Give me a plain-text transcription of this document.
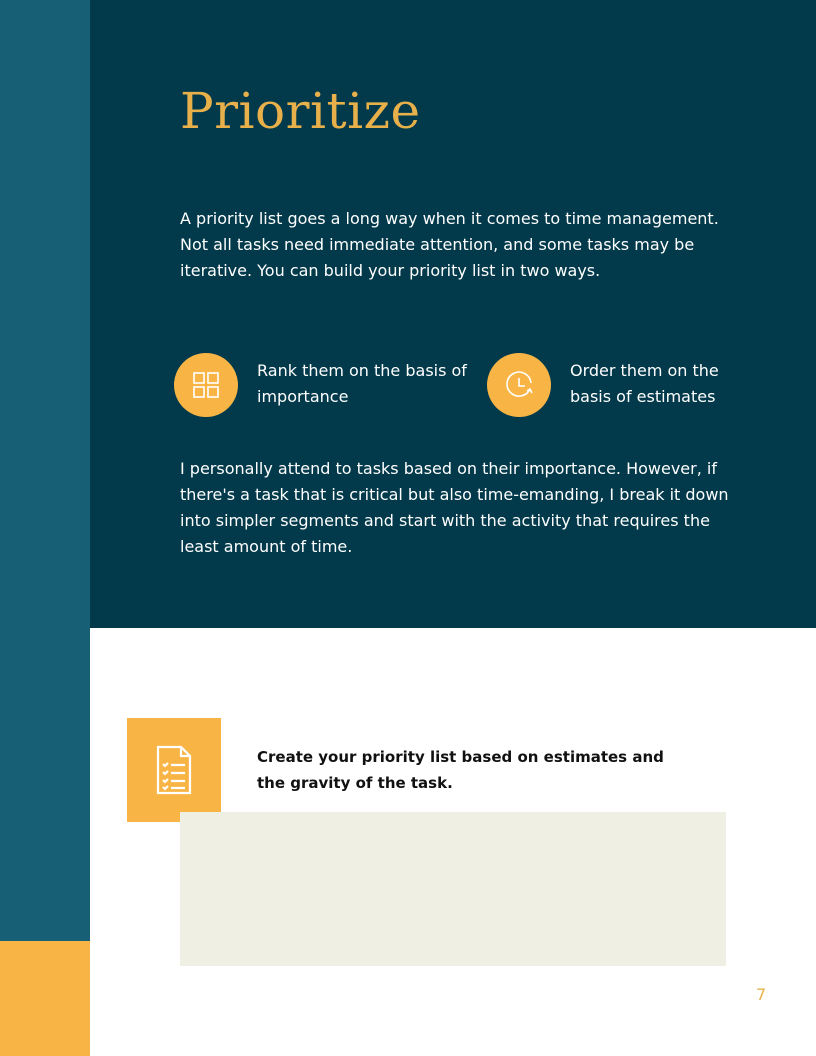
Prioritize
A priority list goes a long way when it comes to time management. Not all tasks need immediate attention, and some tasks may be iterative. You can build your priority list in two ways.
Rank them on the basis of importance
Order them on the basis of estimates
I personally attend to tasks based on their importance. However, if there's a task that is critical but also time-emanding, I break it down into simpler segments and start with the activity that requires the least amount of time.
Create your priority list based on estimates and the gravity of the task.
7
